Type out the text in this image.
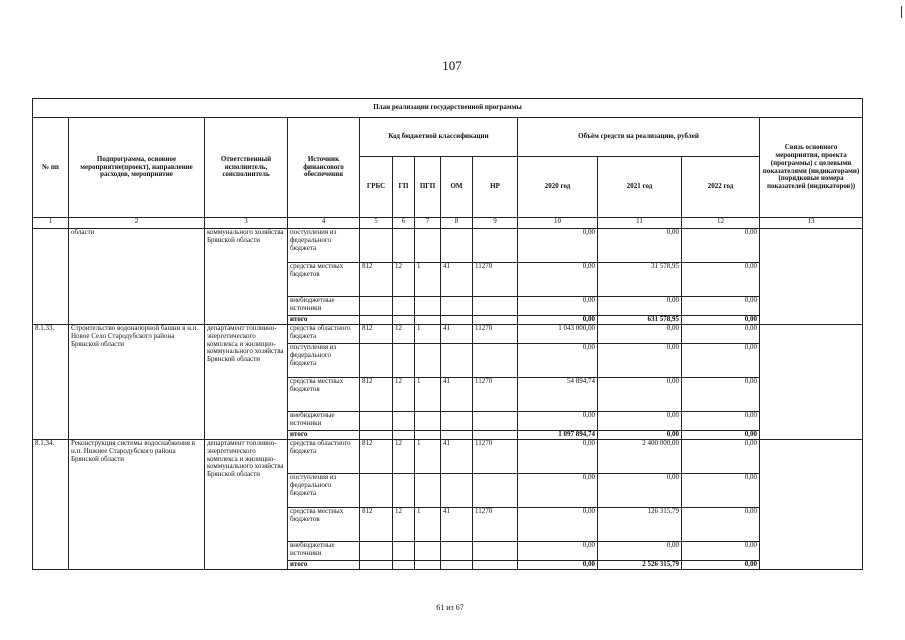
107
План реализации государственной программы												
№ пп	Подпрограмма, основное мероприятие(проект), направление расходов, мероприятие	Ответственный исполнитель, соисполнитель	Источник финансового обеспечения	Код бюджетной классификации					Объём средств на реализацию, рублей			Связь основного мероприятия, проекта (программы) с целевыми показателями (индикаторами) (порядковые номера показателей (индикаторов))
				ГРБС	ГП	ПГП	ОМ	НР	2020 год	2021 год	2022 год	
1	2	3	4	5	6	7	8	9	10	11	12	13
	области	коммунального хозяйства Брянской области	поступления из федерального бюджета						0,00	0,00	0,00	
			средства местных бюджетов	812	12	1	41	11270	0,00	31 578,95	0,00	
			внебюджетные источники						0,00	0,00	0,00	
			итого						0,00	631 578,95	0,00	
8.1.33.	Строительство водонапорной башни в н.п. Новое Село Стародубского района Брянской области	департамент топливно-энергетического комплекса и жилищно-коммунального хозяйства Брянской области	средства областного бюджета	812	12	1	41	11270	1 043 000,00	0,00	0,00	
			поступления из федерального бюджета						0,00	0,00	0,00	
			средства местных бюджетов	812	12	1	41	11270	54 894,74	0,00	0,00	
			внебюджетные источники						0,00	0,00	0,00	
			итого						1 097 894,74	0,00	0,00	
8.1.34.	Реконструкция системы водоснабжения в н.п. Нижнее Стародубского района Брянской области	департамент топливно-энергетического комплекса и жилищно-коммунального хозяйства Брянской области	средства областного бюджета	812	12	1	41	11270	0,00	2 400 000,00	0,00	
			поступления из федерального бюджета						0,00	0,00	0,00	
			средства местных бюджетов	812	12	1	41	11270	0,00	126 315,79	0,00	
			внебюджетные источники						0,00	0,00	0,00	
			итого						0,00	2 526 315,79	0,00	
61 из 67
